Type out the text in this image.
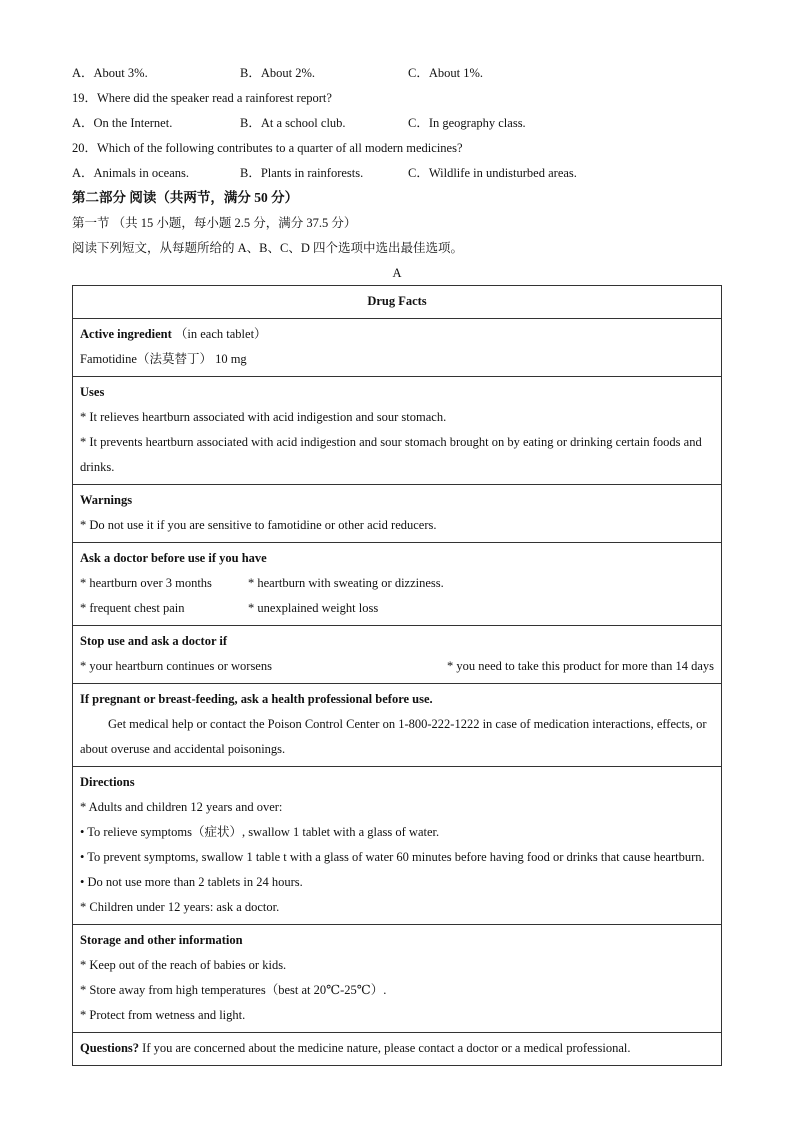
A．About 3%.	B．About 2%.	C．About 1%.
19．Where did the speaker read a rainforest report?
A．On the Internet.	B．At a school club.	C．In geography class.
20．Which of the following contributes to a quarter of all modern medicines?
A．Animals in oceans.	B．Plants in rainforests.	C．Wildlife in undisturbed areas.
第二部分 阅读（共两节，满分 50 分）
第一节 （共 15 小题，每小题 2.5 分，满分 37.5 分）
阅读下列短文，从每题所给的 A、B、C、D 四个选项中选出最佳选项。
A
Drug Facts

Active ingredient （in each tablet）
Famotidine（法莫替丁） 10 mg

Uses
* It relieves heartburn associated with acid indigestion and sour stomach.
* It prevents heartburn associated with acid indigestion and sour stomach brought on by eating or drinking certain foods and drinks.

Warnings
* Do not use it if you are sensitive to famotidine or other acid reducers.

Ask a doctor before use if you have
* heartburn over 3 months	* heartburn with sweating or dizziness.
* frequent chest pain	* unexplained weight loss

Stop use and ask a doctor if
* your heartburn continues or worsens	* you need to take this product for more than 14 days

If pregnant or breast-feeding, ask a health professional before use.
Get medical help or contact the Poison Control Center on 1-800-222-1222 in case of medication interactions, effects, or about overuse and accidental poisonings.

Directions
* Adults and children 12 years and over:
• To relieve symptoms（症状）, swallow 1 tablet with a glass of water.
• To prevent symptoms, swallow 1 table t with a glass of water 60 minutes before having food or drinks that cause heartburn.
• Do not use more than 2 tablets in 24 hours.
* Children under 12 years: ask a doctor.

Storage and other information
* Keep out of the reach of babies or kids.
* Store away from high temperatures（best at 20℃-25℃）.
* Protect from wetness and light.

Questions? If you are concerned about the medicine nature, please contact a doctor or a medical professional.
